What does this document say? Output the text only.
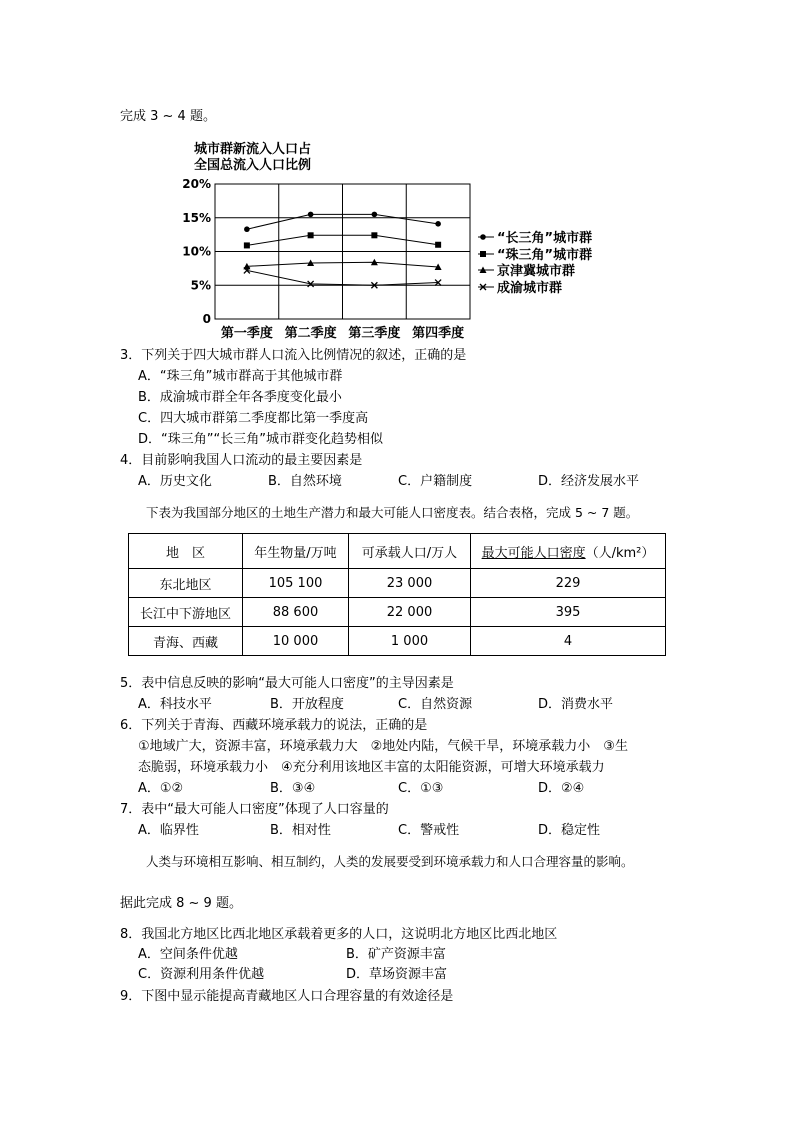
完成 3 ~ 4 题。
城市群新流入人口占
全国总流入人口比例
20%
15%
10%
5%
0
第一季度 第二季度 第三季度 第四季度
“长三角”城市群
“珠三角”城市群
京津冀城市群
成渝城市群
3．下列关于四大城市群人口流入比例情况的叙述，正确的是
A．“珠三角”城市群高于其他城市群
B．成渝城市群全年各季度变化最小
C．四大城市群第二季度都比第一季度高
D．“珠三角”“长三角”城市群变化趋势相似
4．目前影响我国人口流动的最主要因素是
A．历史文化	B．自然环境	C．户籍制度	D．经济发展水平
下表为我国部分地区的土地生产潜力和最大可能人口密度表。结合表格，完成 5 ~ 7 题。
地　区	年生物量/万吨	可承载人口/万人	最大可能人口密度（人/km²）
东北地区	105 100	23 000	229
长江中下游地区	88 600	22 000	395
青海、西藏	10 000	1 000	4
5．表中信息反映的影响“最大可能人口密度”的主导因素是
A．科技水平	B．开放程度	C．自然资源	D．消费水平
6．下列关于青海、西藏环境承载力的说法，正确的是
①地域广大，资源丰富，环境承载力大　②地处内陆，气候干旱，环境承载力小　③生
态脆弱，环境承载力小　④充分利用该地区丰富的太阳能资源，可增大环境承载力
A．①②	B．③④	C．①③	D．②④
7．表中“最大可能人口密度”体现了人口容量的
A．临界性	B．相对性	C．警戒性	D．稳定性
人类与环境相互影响、相互制约，人类的发展要受到环境承载力和人口合理容量的影响。
据此完成 8 ~ 9 题。
8．我国北方地区比西北地区承载着更多的人口，这说明北方地区比西北地区
A．空间条件优越	B．矿产资源丰富
C．资源利用条件优越	D．草场资源丰富
9．下图中显示能提高青藏地区人口合理容量的有效途径是
